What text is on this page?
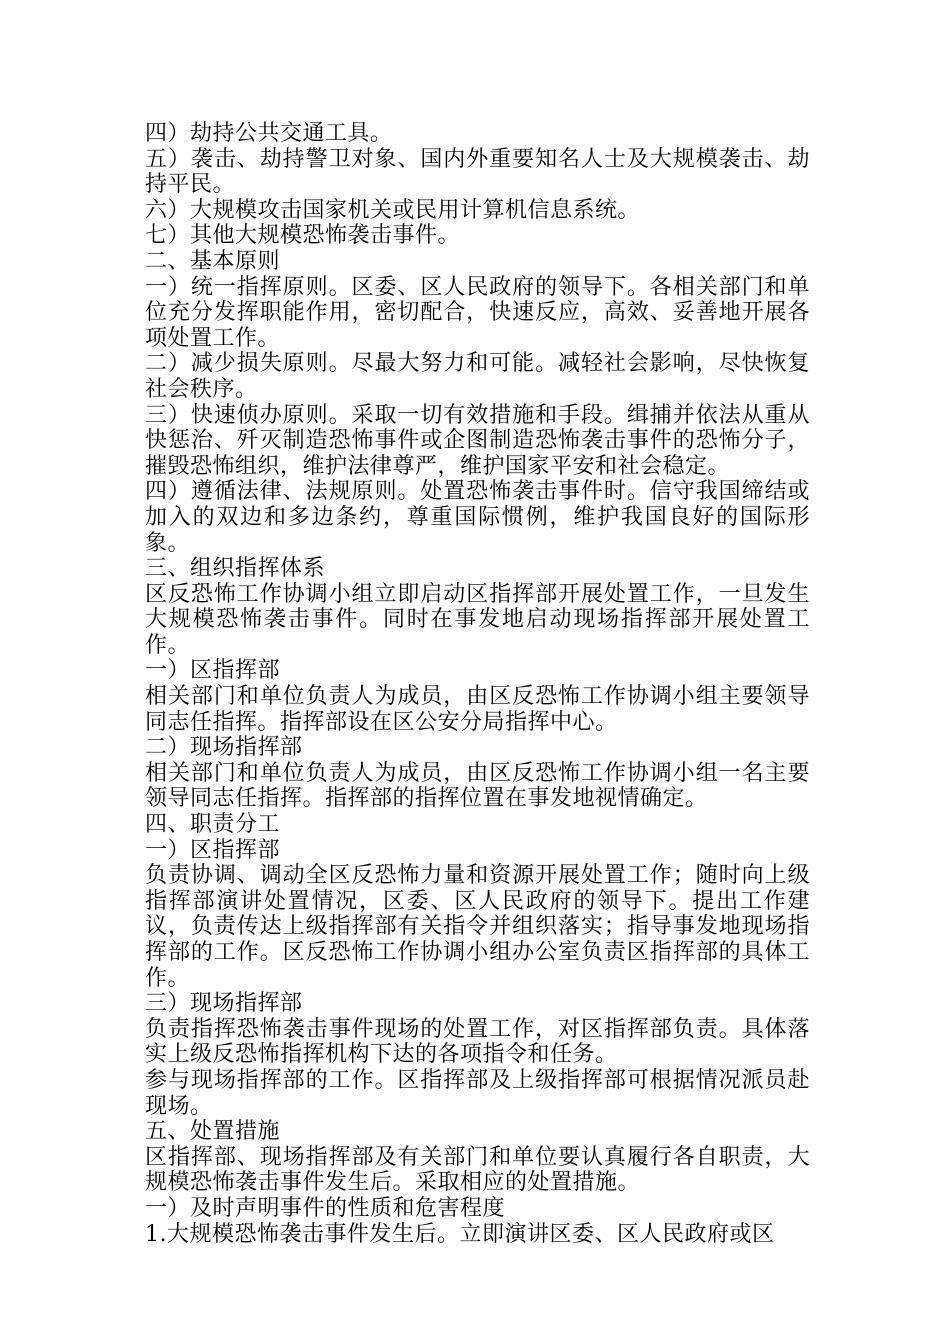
四）劫持公共交通工具。

五）袭击、劫持警卫对象、国内外重要知名人士及大规模袭击、劫持平民。

六）大规模攻击国家机关或民用计算机信息系统。

七）其他大规模恐怖袭击事件。

二、基本原则

一）统一指挥原则。区委、区人民政府的领导下。各相关部门和单位充分发挥职能作用，密切配合，快速反应，高效、妥善地开展各项处置工作。

二）减少损失原则。尽最大努力和可能。减轻社会影响，尽快恢复社会秩序。

三）快速侦办原则。采取一切有效措施和手段。缉捕并依法从重从快惩治、歼灭制造恐怖事件或企图制造恐怖袭击事件的恐怖分子，摧毁恐怖组织，维护法律尊严，维护国家平安和社会稳定。

四）遵循法律、法规原则。处置恐怖袭击事件时。信守我国缔结或加入的双边和多边条约，尊重国际惯例，维护我国良好的国际形象。

三、组织指挥体系

区反恐怖工作协调小组立即启动区指挥部开展处置工作，一旦发生大规模恐怖袭击事件。同时在事发地启动现场指挥部开展处置工作。

一）区指挥部

相关部门和单位负责人为成员，由区反恐怖工作协调小组主要领导同志任指挥。指挥部设在区公安分局指挥中心。

二）现场指挥部

相关部门和单位负责人为成员，由区反恐怖工作协调小组一名主要领导同志任指挥。指挥部的指挥位置在事发地视情确定。

四、职责分工

一）区指挥部

负责协调、调动全区反恐怖力量和资源开展处置工作；随时向上级指挥部演讲处置情况，区委、区人民政府的领导下。提出工作建议，负责传达上级指挥部有关指令并组织落实；指导事发地现场指挥部的工作。区反恐怖工作协调小组办公室负责区指挥部的具体工作。

三）现场指挥部

负责指挥恐怖袭击事件现场的处置工作，对区指挥部负责。具体落实上级反恐怖指挥机构下达的各项指令和任务。

参与现场指挥部的工作。区指挥部及上级指挥部可根据情况派员赴现场。

五、处置措施

区指挥部、现场指挥部及有关部门和单位要认真履行各自职责，大规模恐怖袭击事件发生后。采取相应的处置措施。

一）及时声明事件的性质和危害程度

1.大规模恐怖袭击事件发生后。立即演讲区委、区人民政府或区
